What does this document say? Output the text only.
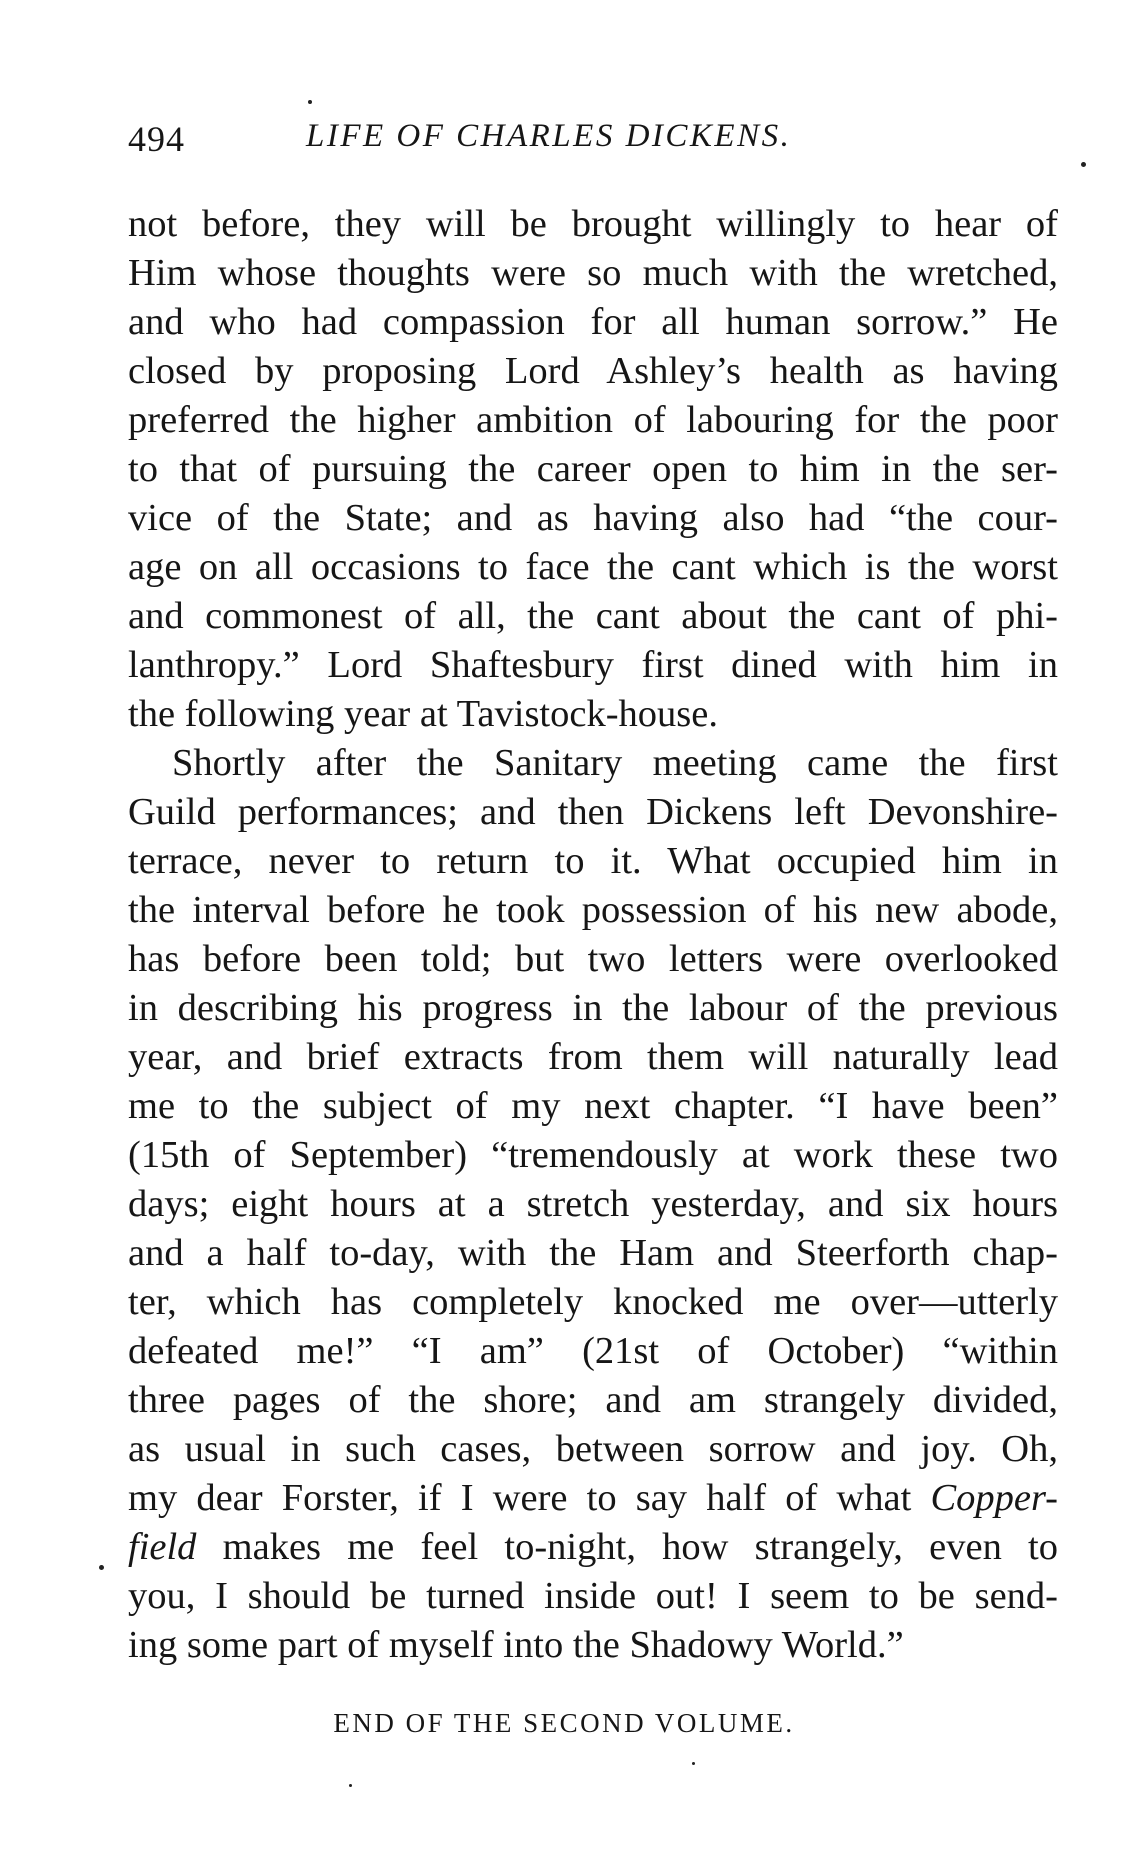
494	LIFE OF CHARLES DICKENS.
not before, they will be brought willingly to hear of
Him whose thoughts were so much with the wretched,
and who had compassion for all human sorrow.” He
closed by proposing Lord Ashley’s health as having
preferred the higher ambition of labouring for the poor
to that of pursuing the career open to him in the ser-
vice of the State; and as having also had “the cour-
age on all occasions to face the cant which is the worst
and commonest of all, the cant about the cant of phi-
lanthropy.” Lord Shaftesbury first dined with him in
the following year at Tavistock-house.
Shortly after the Sanitary meeting came the first
Guild performances; and then Dickens left Devonshire-
terrace, never to return to it. What occupied him in
the interval before he took possession of his new abode,
has before been told; but two letters were overlooked
in describing his progress in the labour of the previous
year, and brief extracts from them will naturally lead
me to the subject of my next chapter. “I have been”
(15th of September) “tremendously at work these two
days; eight hours at a stretch yesterday, and six hours
and a half to-day, with the Ham and Steerforth chap-
ter, which has completely knocked me over—utterly
defeated me!” “I am” (21st of October) “within
three pages of the shore; and am strangely divided,
as usual in such cases, between sorrow and joy. Oh,
my dear Forster, if I were to say half of what Copper-
field makes me feel to-night, how strangely, even to
you, I should be turned inside out! I seem to be send-
ing some part of myself into the Shadowy World.”
END OF THE SECOND VOLUME.
